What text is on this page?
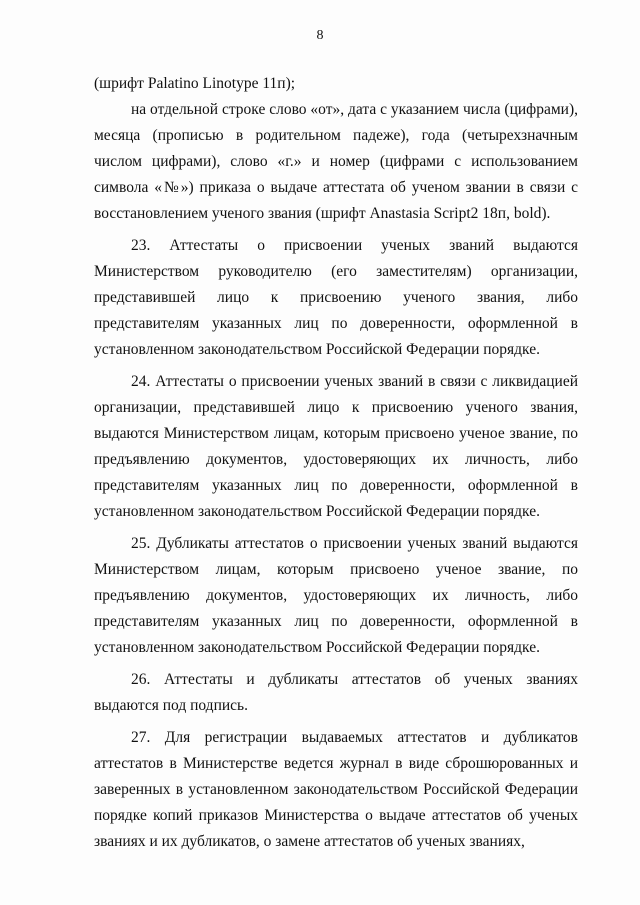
8

(шрифт Palatino Linotype 11п);

на отдельной строке слово «от», дата с указанием числа (цифрами), месяца (прописью в родительном падеже), года (четырехзначным числом цифрами), слово «г.» и номер (цифрами с использованием символа «№») приказа о выдаче аттестата об ученом звании в связи с восстановлением ученого звания (шрифт Anastasia Script2 18п, bold).

23. Аттестаты о присвоении ученых званий выдаются Министерством руководителю (его заместителям) организации, представившей лицо к присвоению ученого звания, либо представителям указанных лиц по доверенности, оформленной в установленном законодательством Российской Федерации порядке.

24. Аттестаты о присвоении ученых званий в связи с ликвидацией организации, представившей лицо к присвоению ученого звания, выдаются Министерством лицам, которым присвоено ученое звание, по предъявлению документов, удостоверяющих их личность, либо представителям указанных лиц по доверенности, оформленной в установленном законодательством Российской Федерации порядке.

25. Дубликаты аттестатов о присвоении ученых званий выдаются Министерством лицам, которым присвоено ученое звание, по предъявлению документов, удостоверяющих их личность, либо представителям указанных лиц по доверенности, оформленной в установленном законодательством Российской Федерации порядке.

26. Аттестаты и дубликаты аттестатов об ученых званиях выдаются под подпись.

27. Для регистрации выдаваемых аттестатов и дубликатов аттестатов в Министерстве ведется журнал в виде сброшюрованных и заверенных в установленном законодательством Российской Федерации порядке копий приказов Министерства о выдаче аттестатов об ученых званиях и их дубликатов, о замене аттестатов об ученых званиях,
